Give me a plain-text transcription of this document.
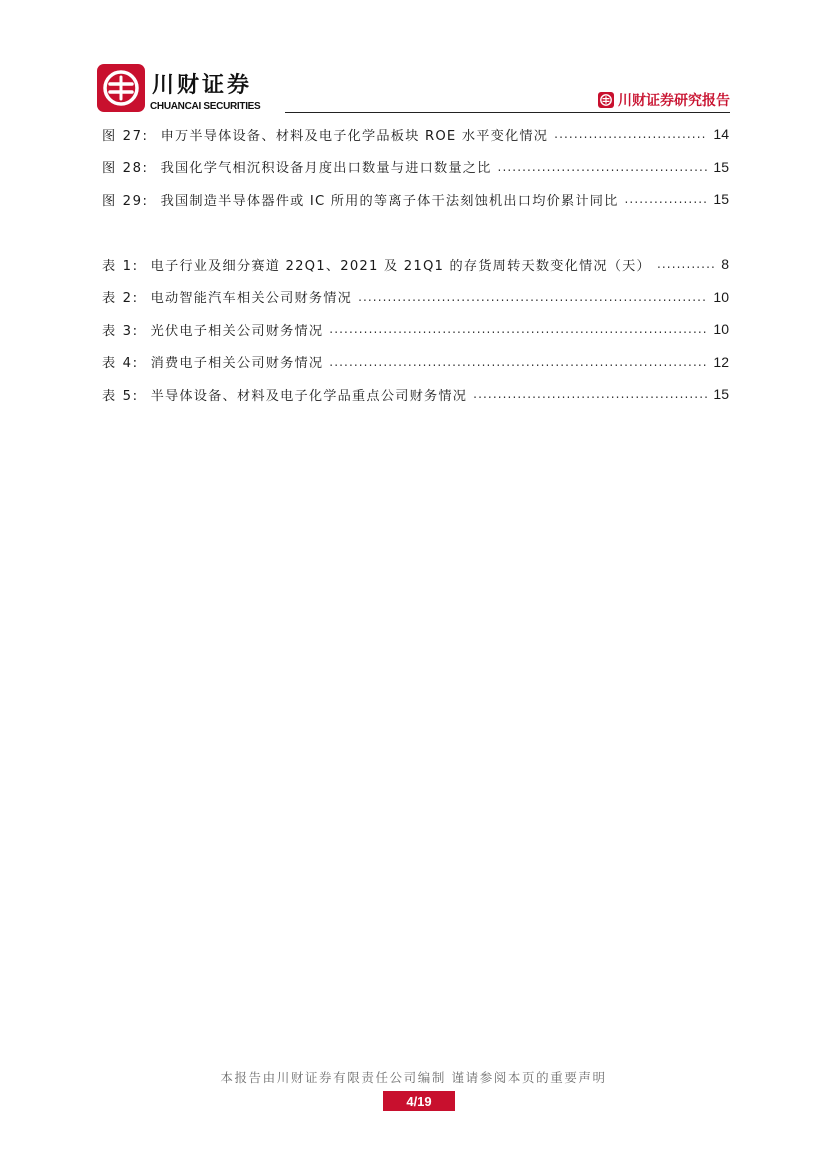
川财证券
CHUANCAI SECURITIES	川财证券研究报告
图 27: 申万半导体设备、材料及电子化学品板块 ROE 水平变化情况 .....	14
图 28: 我国化学气相沉积设备月度出口数量与进口数量之比 .....	15
图 29: 我国制造半导体器件或 IC 所用的等离子体干法刻蚀机出口均价累计同比 .....	15
表 1: 电子行业及细分赛道 22Q1、2021 及 21Q1 的存货周转天数变化情况（天） .....	8
表 2: 电动智能汽车相关公司财务情况 .....	10
表 3: 光伏电子相关公司财务情况 .....	10
表 4: 消费电子相关公司财务情况 .....	12
表 5: 半导体设备、材料及电子化学品重点公司财务情况 .....	15
本报告由川财证券有限责任公司编制 谨请参阅本页的重要声明
4/19
